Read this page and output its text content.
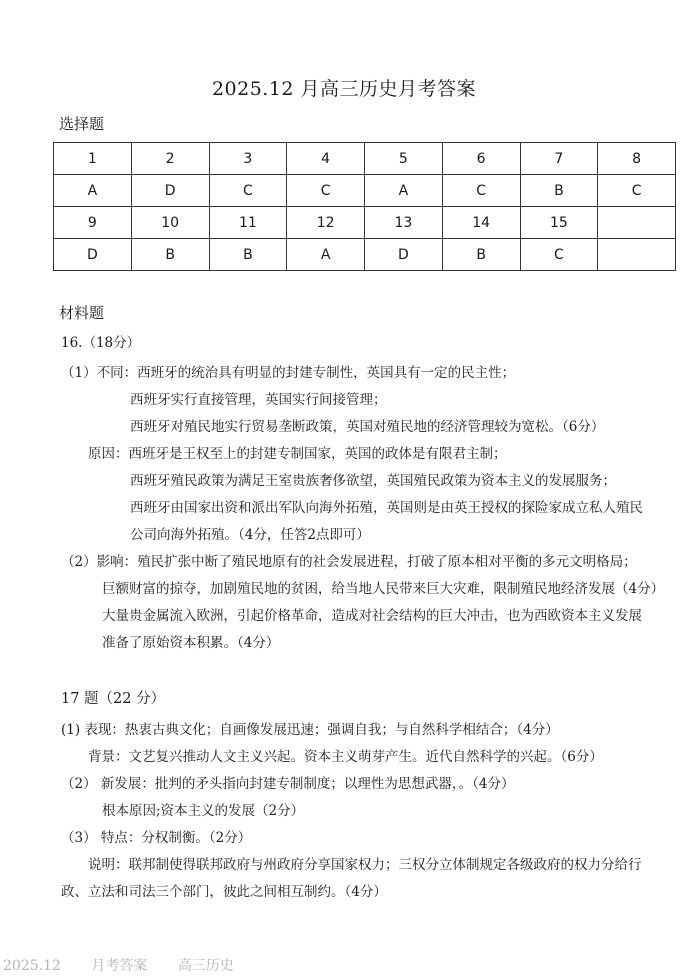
2025.12 月高三历史月考答案
选择题
1	2	3	4	5	6	7	8
A	D	C	C	A	C	B	C
9	10	11	12	13	14	15	
D	B	B	A	D	B	C	
材料题
16.（18分）
（1）不同：西班牙的统治具有明显的封建专制性，英国具有一定的民主性；
西班牙实行直接管理，英国实行间接管理；
西班牙对殖民地实行贸易垄断政策，英国对殖民地的经济管理较为宽松。（6分）
原因：西班牙是王权至上的封建专制国家，英国的政体是有限君主制；
西班牙殖民政策为满足王室贵族奢侈欲望，英国殖民政策为资本主义的发展服务；
西班牙由国家出资和派出军队向海外拓殖，英国则是由英王授权的探险家成立私人殖民
公司向海外拓殖。（4分，任答2点即可）
（2）影响：殖民扩张中断了殖民地原有的社会发展进程，打破了原本相对平衡的多元文明格局；
巨额财富的掠夺，加剧殖民地的贫困，给当地人民带来巨大灾难，限制殖民地经济发展（4分）
大量贵金属流入欧洲，引起价格革命，造成对社会结构的巨大冲击，也为西欧资本主义发展
准备了原始资本积累。（4分）
17 题（22 分）
(1) 表现：热衷古典文化；自画像发展迅速；强调自我；与自然科学相结合；（4分）
背景：文艺复兴推动人文主义兴起。资本主义萌芽产生。近代自然科学的兴起。（6分）
（2） 新发展：批判的矛头指向封建专制制度；以理性为思想武器，。（4分）
根本原因;资本主义的发展（2分）
（3） 特点：分权制衡。（2分）
说明：联邦制使得联邦政府与州政府分享国家权力；三权分立体制规定各级政府的权力分给行
政、立法和司法三个部门，彼此之间相互制约。（4分）
2025.12 月考答案 高三历史
